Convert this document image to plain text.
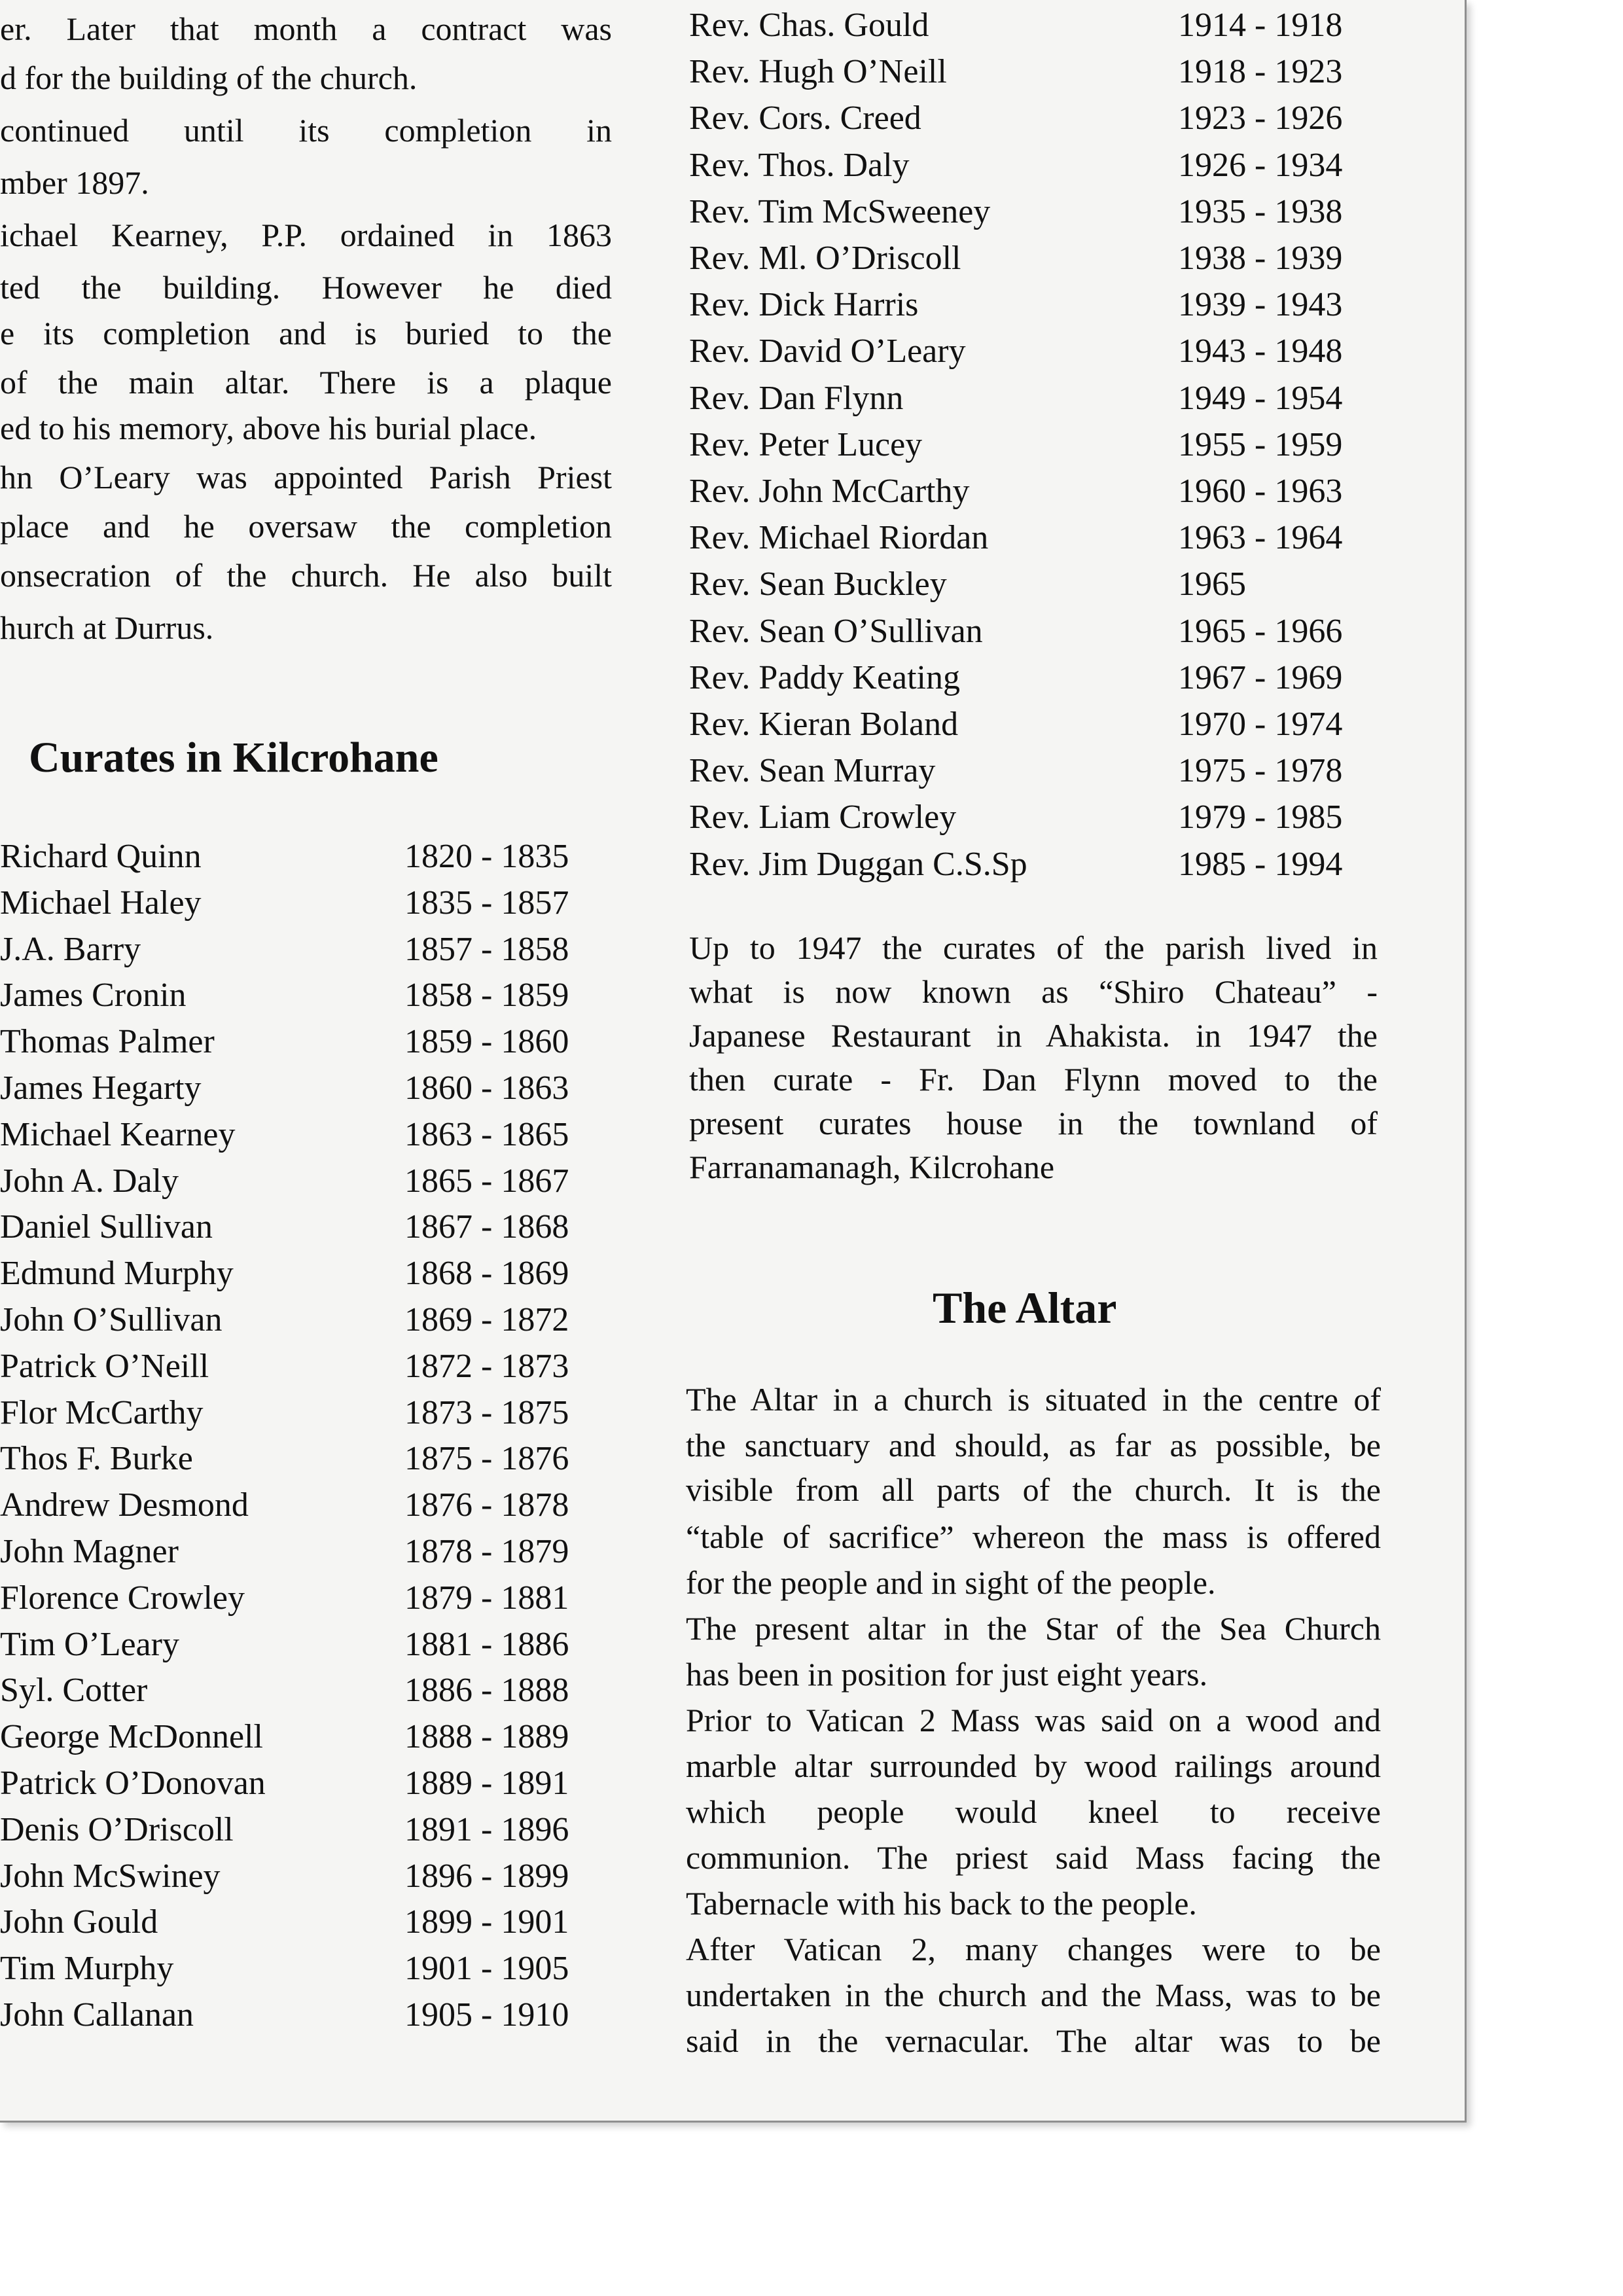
er. Later that month a contract was
d for the building of the church.
continued until its completion in
mber 1897.
ichael Kearney, P.P. ordained in 1863
ted the building. However he died
e its completion and is buried to the
of the main altar. There is a plaque
ed to his memory, above his burial place.
hn O’Leary was appointed Parish Priest
place and he oversaw the completion
onsecration of the church. He also built
hurch at Durrus.
Curates in Kilcrohane
Richard Quinn	1820 - 1835
Michael Haley	1835 - 1857
J.A. Barry	1857 - 1858
James Cronin	1858 - 1859
Thomas Palmer	1859 - 1860
James Hegarty	1860 - 1863
Michael Kearney	1863 - 1865
John A. Daly	1865 - 1867
Daniel Sullivan	1867 - 1868
Edmund Murphy	1868 - 1869
John O’Sullivan	1869 - 1872
Patrick O’Neill	1872 - 1873
Flor McCarthy	1873 - 1875
Thos F. Burke	1875 - 1876
Andrew Desmond	1876 - 1878
John Magner	1878 - 1879
Florence Crowley	1879 - 1881
Tim O’Leary	1881 - 1886
Syl. Cotter	1886 - 1888
George McDonnell	1888 - 1889
Patrick O’Donovan	1889 - 1891
Denis O’Driscoll	1891 - 1896
John McSwiney	1896 - 1899
John Gould	1899 - 1901
Tim Murphy	1901 - 1905
John Callanan	1905 - 1910
Rev. Chas. Gould	1914 - 1918
Rev. Hugh O’Neill	1918 - 1923
Rev. Cors. Creed	1923 - 1926
Rev. Thos. Daly	1926 - 1934
Rev. Tim McSweeney	1935 - 1938
Rev. Ml. O’Driscoll	1938 - 1939
Rev. Dick Harris	1939 - 1943
Rev. David O’Leary	1943 - 1948
Rev. Dan Flynn	1949 - 1954
Rev. Peter Lucey	1955 - 1959
Rev. John McCarthy	1960 - 1963
Rev. Michael Riordan	1963 - 1964
Rev. Sean Buckley	1965
Rev. Sean O’Sullivan	1965 - 1966
Rev. Paddy Keating	1967 - 1969
Rev. Kieran Boland	1970 - 1974
Rev. Sean Murray	1975 - 1978
Rev. Liam Crowley	1979 - 1985
Rev. Jim Duggan C.S.Sp	1985 - 1994
Up to 1947 the curates of the parish lived in
what is now known as “Shiro Chateau” -
Japanese Restaurant in Ahakista. in 1947 the
then curate - Fr. Dan Flynn moved to the
present curates house in the townland of
Farranamanagh, Kilcrohane
The Altar
The Altar in a church is situated in the centre of
the sanctuary and should, as far as possible, be
visible from all parts of the church. It is the
“table of sacrifice” whereon the mass is offered
for the people and in sight of the people.
The present altar in the Star of the Sea Church
has been in position for just eight years.
Prior to Vatican 2 Mass was said on a wood and
marble altar surrounded by wood railings around
which people would kneel to receive
communion. The priest said Mass facing the
Tabernacle with his back to the people.
After Vatican 2, many changes were to be
undertaken in the church and the Mass, was to be
said in the vernacular. The altar was to be
